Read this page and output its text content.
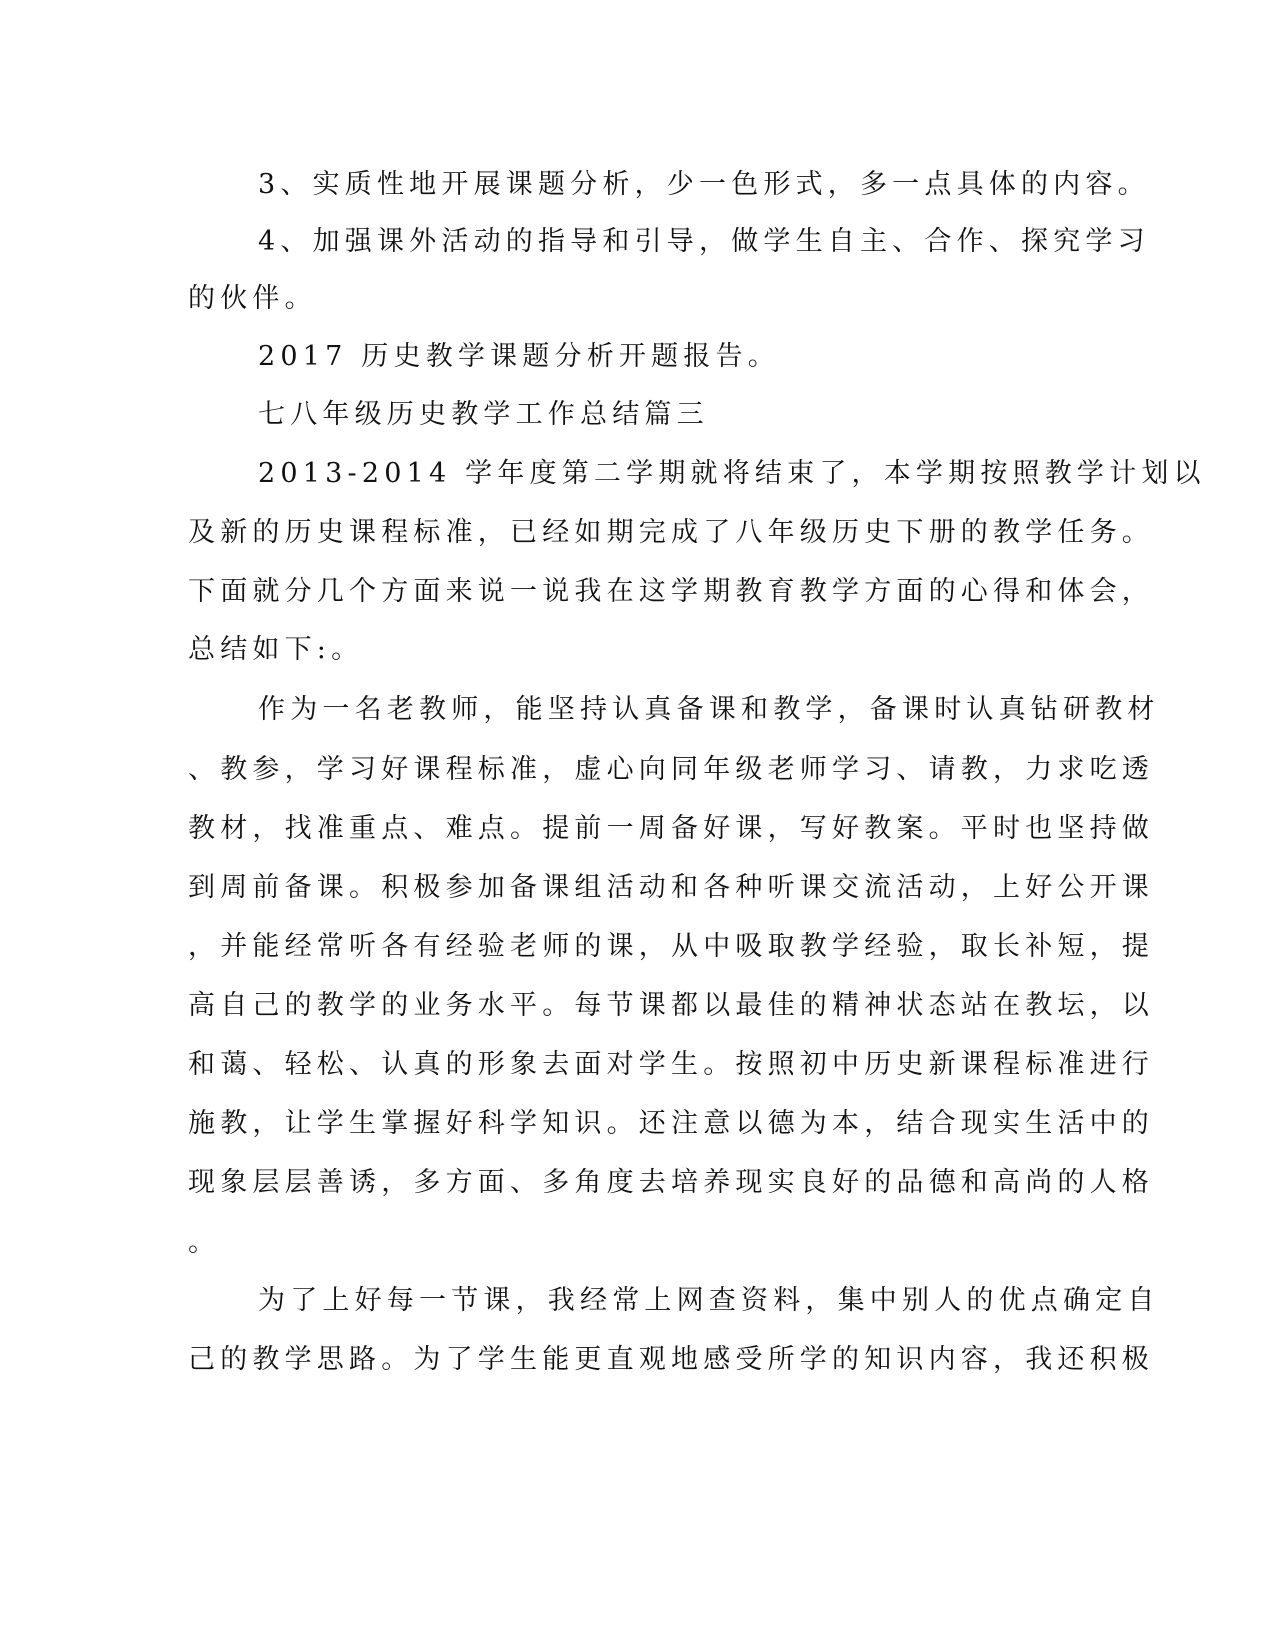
3、实质性地开展课题分析，少一色形式，多一点具体的内容。
4、加强课外活动的指导和引导，做学生自主、合作、探究学习
的伙伴。
2017 历史教学课题分析开题报告。
七八年级历史教学工作总结篇三
2013-2014 学年度第二学期就将结束了，本学期按照教学计划以
及新的历史课程标准，已经如期完成了八年级历史下册的教学任务。
下面就分几个方面来说一说我在这学期教育教学方面的心得和体会，
总结如下:。
作为一名老教师，能坚持认真备课和教学，备课时认真钻研教材
、教参，学习好课程标准，虚心向同年级老师学习、请教，力求吃透
教材，找准重点、难点。提前一周备好课，写好教案。平时也坚持做
到周前备课。积极参加备课组活动和各种听课交流活动，上好公开课
，并能经常听各有经验老师的课，从中吸取教学经验，取长补短，提
高自己的教学的业务水平。每节课都以最佳的精神状态站在教坛，以
和蔼、轻松、认真的形象去面对学生。按照初中历史新课程标准进行
施教，让学生掌握好科学知识。还注意以德为本，结合现实生活中的
现象层层善诱，多方面、多角度去培养现实良好的品德和高尚的人格
。
为了上好每一节课，我经常上网查资料，集中别人的优点确定自
己的教学思路。为了学生能更直观地感受所学的知识内容，我还积极
